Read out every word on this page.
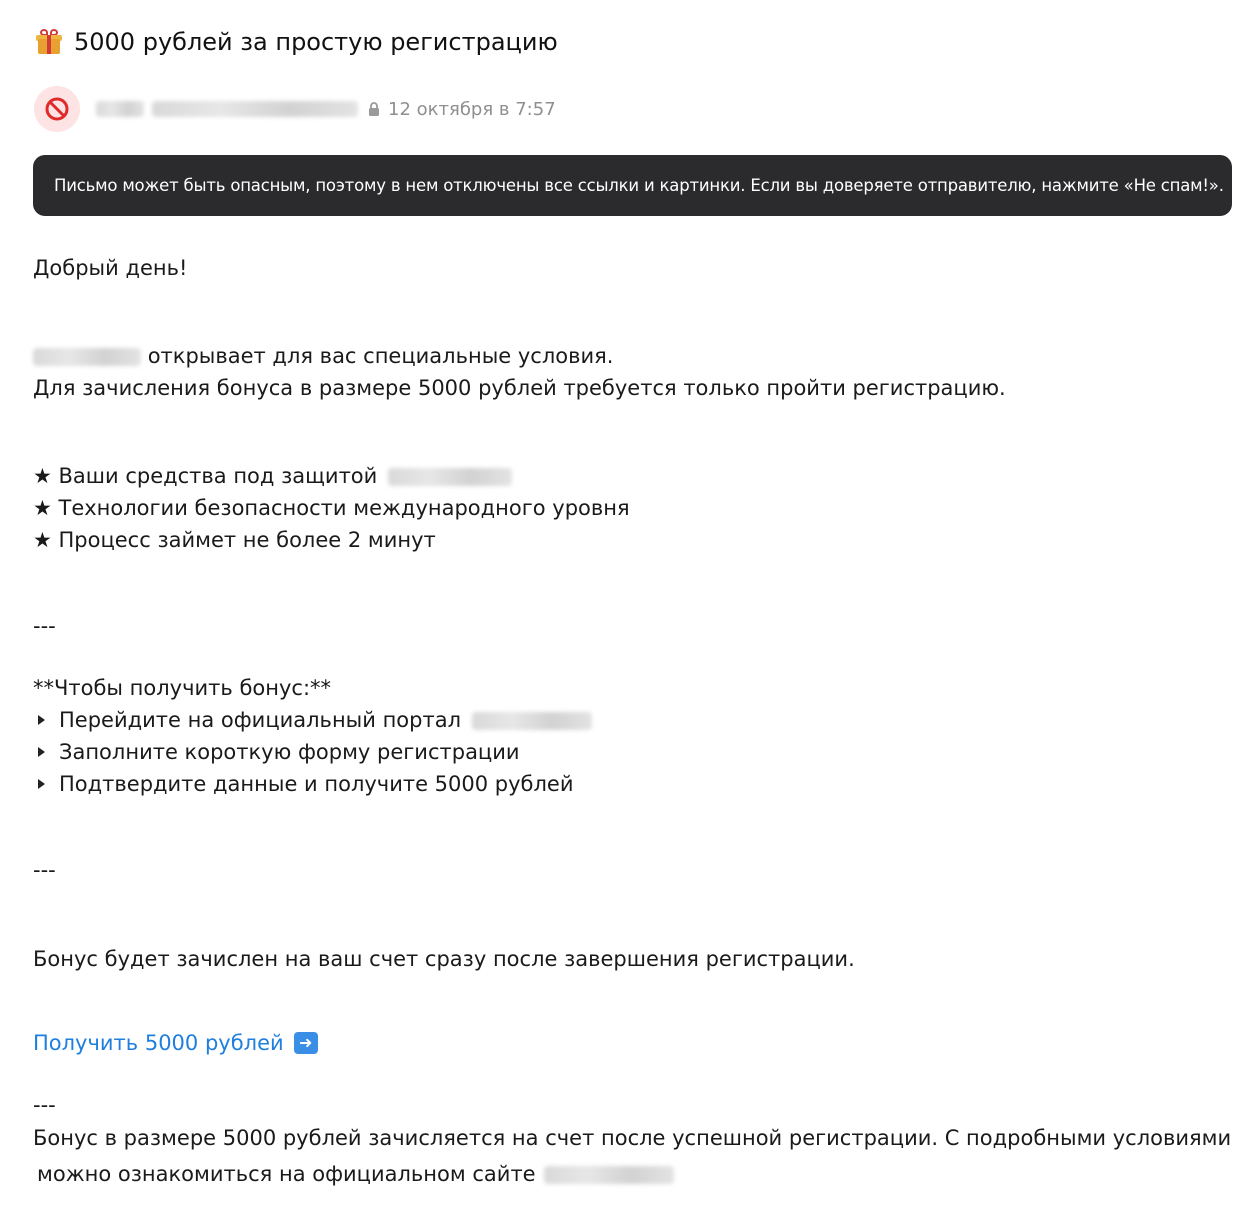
5000 рублей за простую регистрацию
12 октября в 7:57
Письмо может быть опасным, поэтому в нем отключены все ссылки и картинки. Если вы доверяете отправителю, нажмите «Не спам!».
Добрый день!
открывает для вас специальные условия.
Для зачисления бонуса в размере 5000 рублей требуется только пройти регистрацию.
★ Ваши средства под защитой
★ Технологии безопасности международного уровня
★ Процесс займет не более 2 минут
---
**Чтобы получить бонус:**
Перейдите на официальный портал
Заполните короткую форму регистрации
Подтвердите данные и получите 5000 рублей
---
Бонус будет зачислен на ваш счет сразу после завершения регистрации.
Получить 5000 рублей ➜
---
Бонус в размере 5000 рублей зачисляется на счет после успешной регистрации. С подробными условиями
можно ознакомиться на официальном сайте
